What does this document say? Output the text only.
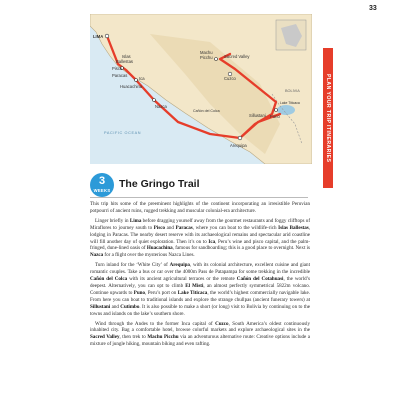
33
PLAN YOUR TRIP ITINERARIES
LIMA
Pisco
Islas
Ballestas
Paracas
Ica
Huacachina
Nazca
Machu
Picchu	Sacred Valley
Cuzco
Cañón del Colca
Arequipa
Sillustani Puno
Lake Titicaca
BOLIVIA
PACIFIC OCEAN
3
WEEKS
The Gringo Trail

This trip hits some of the preeminent highlights of the continent incorporating an irresistible Peruvian potpourri of ancient ruins, rugged trekking and muscular colonial-era architecture.

Linger briefly in Lima before dragging yourself away from the gourmet restaurants and foggy clifftops of Miraflores to journey south to Pisco and Paracas, where you can boat to the wildlife-rich Islas Ballestas, lodging in Paracas. The nearby desert reserve with its archaeological remains and spectacular arid coastline will fill another day of quiet exploration. Then it’s on to Ica, Peru’s wine and pisco capital, and the palm-fringed, dune-lined oasis of Huacachina, famous for sandboarding; this is a good place to overnight. Next is Nazca for a flight over the mysterious Nazca Lines.

Turn inland for the ‘White City’ of Arequipa, with its colonial architecture, excellent cuisine and giant romantic couples. Take a bus or car over the 4000m Pass de Patapampa for some trekking in the incredible Cañón del Colca with its ancient agricultural terraces or the remote Cañón del Cotahuasi, the world’s deepest. Alternatively, you can opt to climb El Misti, an almost perfectly symmetrical 5822m volcano. Continue upwards to Puno, Peru’s port on Lake Titicaca, the world’s highest commercially navigable lake. From here you can boat to traditional islands and explore the strange chullpas (ancient funerary towers) at Sillustani and Cutimbo. It is also possible to make a short (or long) visit to Bolivia by continuing on to the towns and islands on the lake’s southern shore.

Wind through the Andes to the former Inca capital of Cuzco, South America’s oldest continuously inhabited city. Bag a comfortable hotel, browse colorful markets and explore archaeological sites in the Sacred Valley, then trek to Machu Picchu via an adventurous alternative route: Creative options include a mixture of jungle hiking, mountain biking and even rafting.
